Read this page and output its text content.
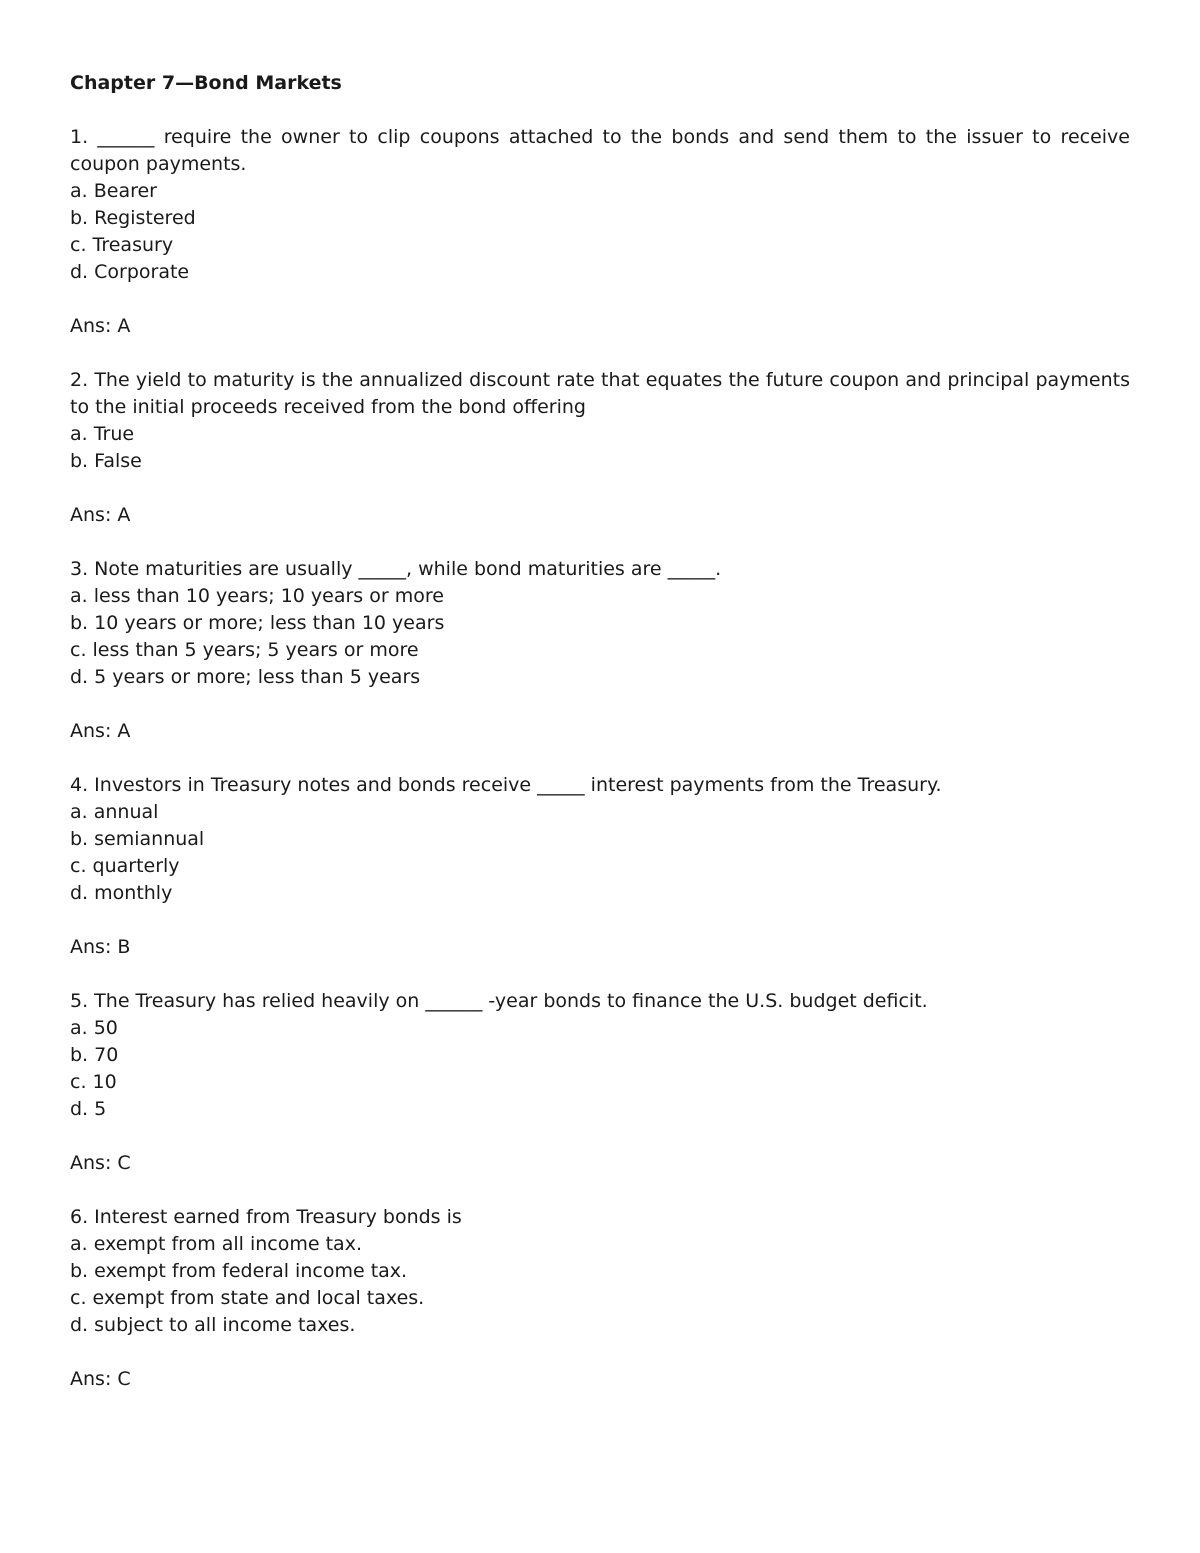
Chapter 7—Bond Markets

1. ______ require the owner to clip coupons attached to the bonds and send them to the issuer to receive coupon payments.

a. Bearer
b. Registered
c. Treasury
d. Corporate

Ans: A

2. The yield to maturity is the annualized discount rate that equates the future coupon and principal payments to the initial proceeds received from the bond offering

a. True
b. False

Ans: A

3. Note maturities are usually _____, while bond maturities are _____.

a. less than 10 years; 10 years or more
b. 10 years or more; less than 10 years
c. less than 5 years; 5 years or more
d. 5 years or more; less than 5 years

Ans: A

4. Investors in Treasury notes and bonds receive _____ interest payments from the Treasury.

a. annual
b. semiannual
c. quarterly
d. monthly

Ans: B

5. The Treasury has relied heavily on ______ -year bonds to finance the U.S. budget deficit.

a. 50
b. 70
c. 10
d. 5

Ans: C

6. Interest earned from Treasury bonds is

a. exempt from all income tax.
b. exempt from federal income tax.
c. exempt from state and local taxes.
d. subject to all income taxes.

Ans: C
